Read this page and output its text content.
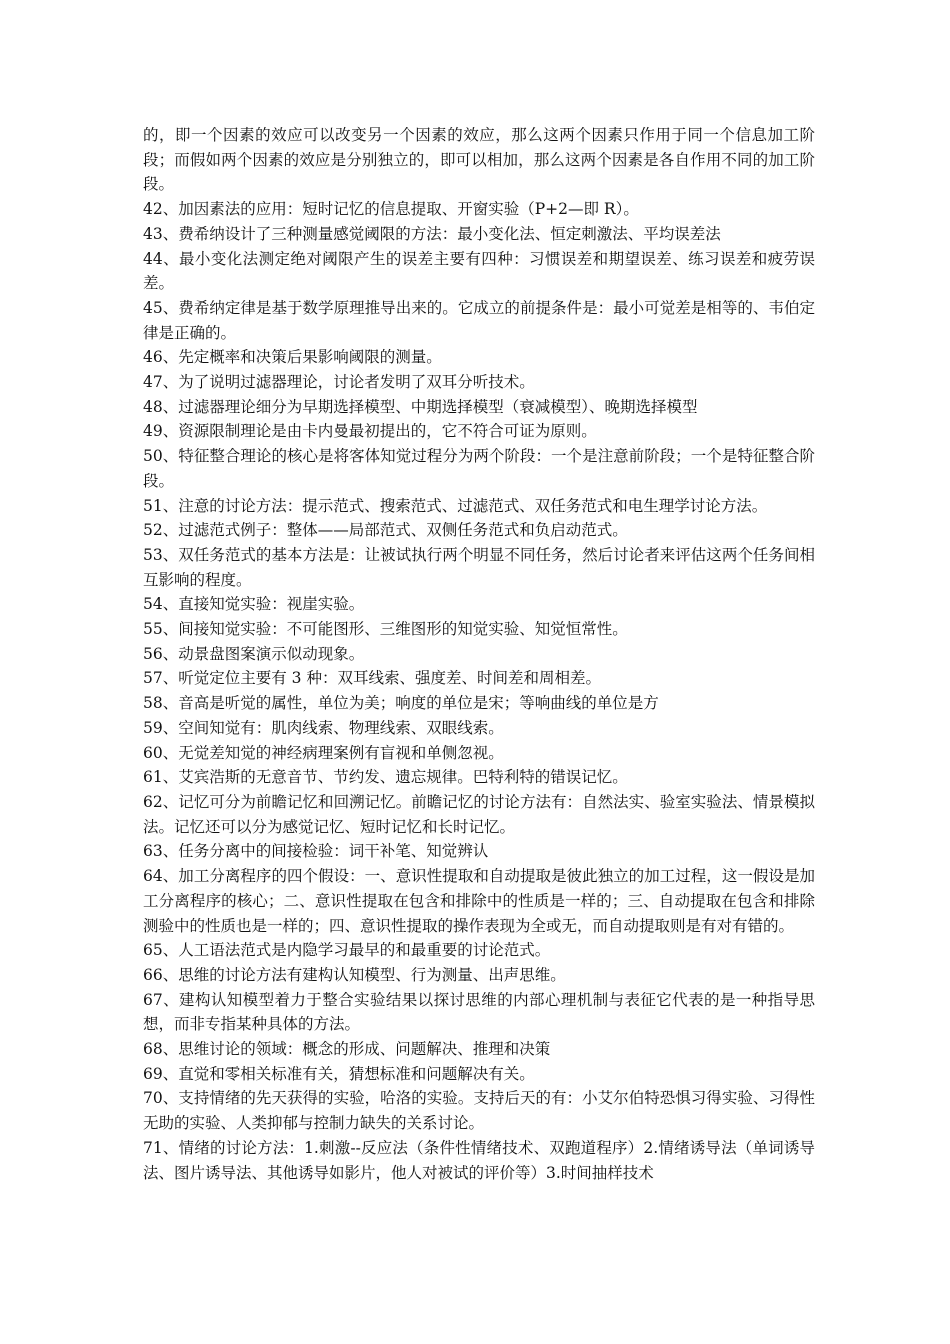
的，即一个因素的效应可以改变另一个因素的效应，那么这两个因素只作用于同一个信息加工阶段；而假如两个因素的效应是分别独立的，即可以相加，那么这两个因素是各自作用不同的加工阶段。

42、加因素法的应用：短时记忆的信息提取、开窗实验（P+2—即 R）。

43、费希纳设计了三种测量感觉阈限的方法：最小变化法、恒定刺激法、平均误差法

44、最小变化法测定绝对阈限产生的误差主要有四种：习惯误差和期望误差、练习误差和疲劳误差。

45、费希纳定律是基于数学原理推导出来的。它成立的前提条件是：最小可觉差是相等的、韦伯定律是正确的。

46、先定概率和决策后果影响阈限的测量。

47、为了说明过滤器理论，讨论者发明了双耳分听技术。

48、过滤器理论细分为早期选择模型、中期选择模型（衰减模型）、晚期选择模型

49、资源限制理论是由卡内曼最初提出的，它不符合可证为原则。

50、特征整合理论的核心是将客体知觉过程分为两个阶段：一个是注意前阶段；一个是特征整合阶段。

51、注意的讨论方法：提示范式、搜索范式、过滤范式、双任务范式和电生理学讨论方法。

52、过滤范式例子：整体——局部范式、双侧任务范式和负启动范式。

53、双任务范式的基本方法是：让被试执行两个明显不同任务，然后讨论者来评估这两个任务间相互影响的程度。

54、直接知觉实验：视崖实验。

55、间接知觉实验：不可能图形、三维图形的知觉实验、知觉恒常性。

56、动景盘图案演示似动现象。

57、听觉定位主要有 3 种：双耳线索、强度差、时间差和周相差。

58、音高是听觉的属性，单位为美；响度的单位是宋；等响曲线的单位是方

59、空间知觉有：肌肉线索、物理线索、双眼线索。

60、无觉差知觉的神经病理案例有盲视和单侧忽视。

61、艾宾浩斯的无意音节、节约发、遗忘规律。巴特利特的错误记忆。

62、记忆可分为前瞻记忆和回溯记忆。前瞻记忆的讨论方法有：自然法实、验室实验法、情景模拟法。记忆还可以分为感觉记忆、短时记忆和长时记忆。

63、任务分离中的间接检验：词干补笔、知觉辨认

64、加工分离程序的四个假设：一、意识性提取和自动提取是彼此独立的加工过程，这一假设是加工分离程序的核心；二、意识性提取在包含和排除中的性质是一样的；三、自动提取在包含和排除测验中的性质也是一样的；四、意识性提取的操作表现为全或无，而自动提取则是有对有错的。

65、人工语法范式是内隐学习最早的和最重要的讨论范式。

66、思维的讨论方法有建构认知模型、行为测量、出声思维。

67、建构认知模型着力于整合实验结果以探讨思维的内部心理机制与表征它代表的是一种指导思想，而非专指某种具体的方法。

68、思维讨论的领域：概念的形成、问题解决、推理和决策

69、直觉和零相关标准有关，猜想标准和问题解决有关。

70、支持情绪的先天获得的实验，哈洛的实验。支持后天的有：小艾尔伯特恐惧习得实验、习得性无助的实验、人类抑郁与控制力缺失的关系讨论。

71、情绪的讨论方法：1.刺激--反应法（条件性情绪技术、双跑道程序）2.情绪诱导法（单词诱导法、图片诱导法、其他诱导如影片，他人对被试的评价等）3.时间抽样技术
